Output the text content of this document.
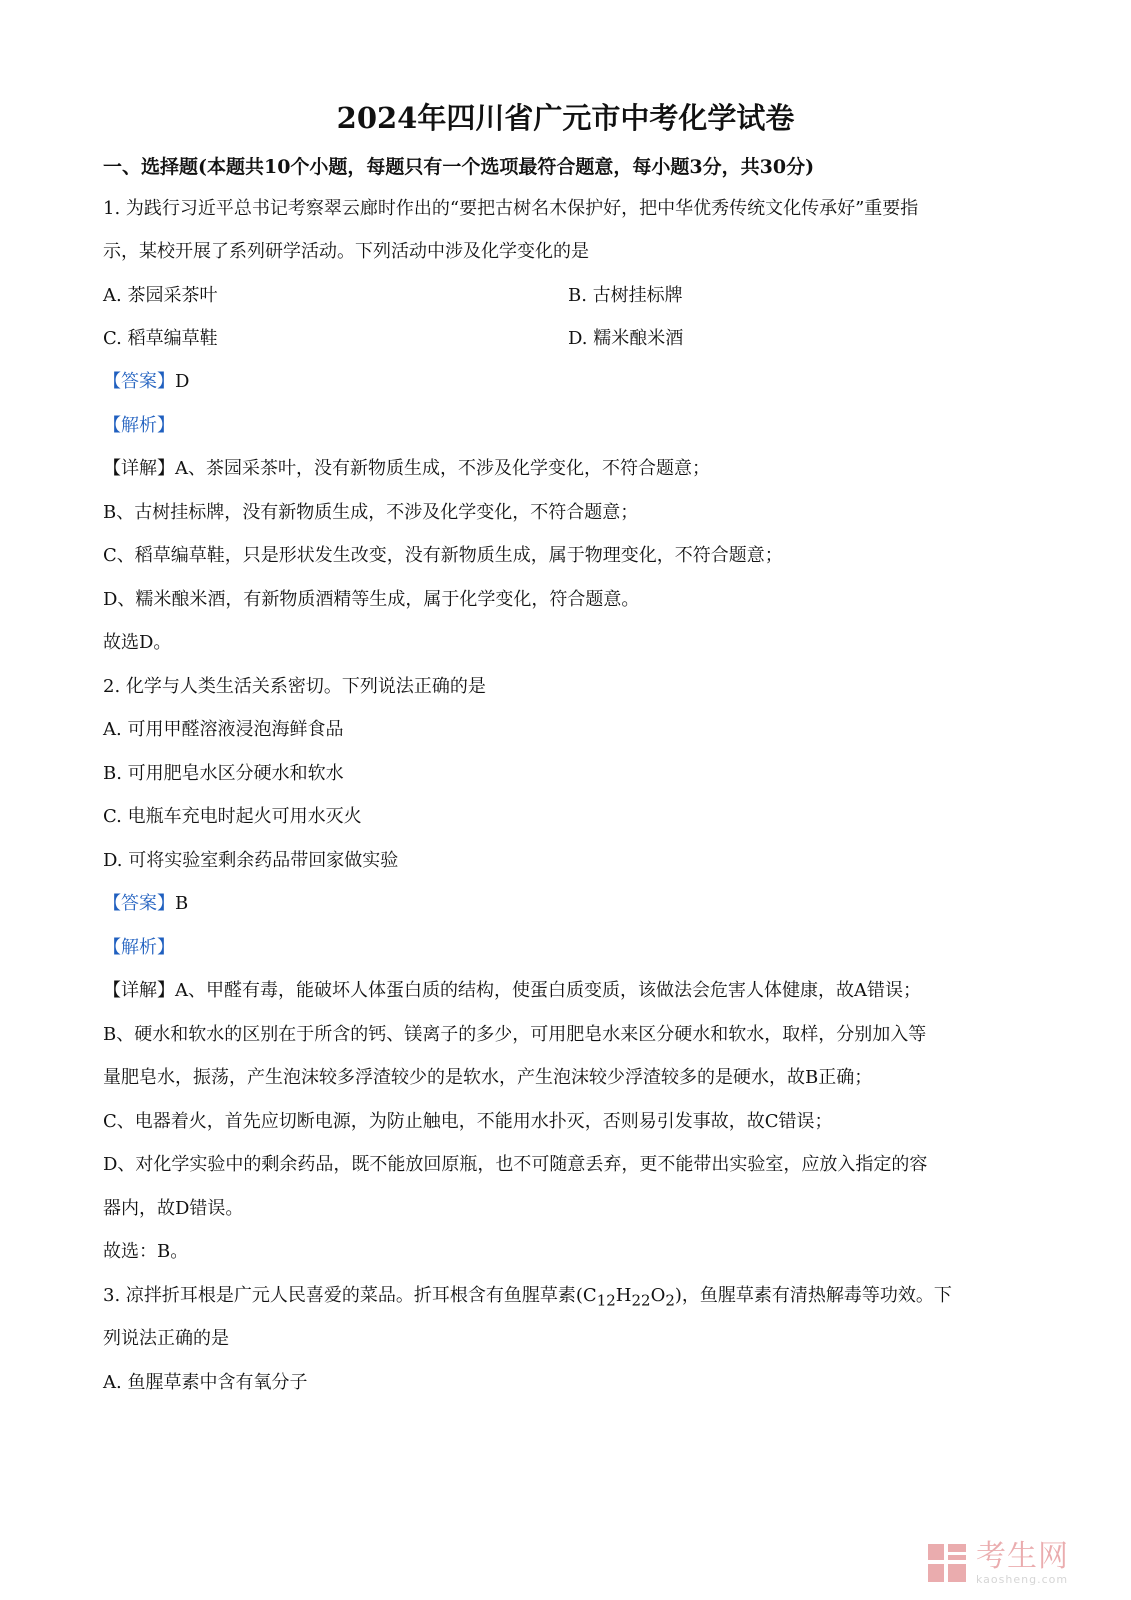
2024年四川省广元市中考化学试卷

一、选择题(本题共10个小题，每题只有一个选项最符合题意，每小题3分，共30分)

1. 为践行习近平总书记考察翠云廊时作出的“要把古树名木保护好，把中华优秀传统文化传承好”重要指

示，某校开展了系列研学活动。下列活动中涉及化学变化的是

A. 茶园采茶叶	B. 古树挂标牌

C. 稻草编草鞋	D. 糯米酿米酒

【答案】D

【解析】

【详解】A、茶园采茶叶，没有新物质生成，不涉及化学变化，不符合题意；

B、古树挂标牌，没有新物质生成，不涉及化学变化，不符合题意；

C、稻草编草鞋，只是形状发生改变，没有新物质生成，属于物理变化，不符合题意；

D、糯米酿米酒，有新物质酒精等生成，属于化学变化，符合题意。

故选D。

2. 化学与人类生活关系密切。下列说法正确的是

A. 可用甲醛溶液浸泡海鲜食品

B. 可用肥皂水区分硬水和软水

C. 电瓶车充电时起火可用水灭火

D. 可将实验室剩余药品带回家做实验

【答案】B

【解析】

【详解】A、甲醛有毒，能破坏人体蛋白质的结构，使蛋白质变质，该做法会危害人体健康，故A错误；

B、硬水和软水的区别在于所含的钙、镁离子的多少，可用肥皂水来区分硬水和软水，取样，分别加入等

量肥皂水，振荡，产生泡沫较多浮渣较少的是软水，产生泡沫较少浮渣较多的是硬水，故B正确；

C、电器着火，首先应切断电源，为防止触电，不能用水扑灭，否则易引发事故，故C错误；

D、对化学实验中的剩余药品，既不能放回原瓶，也不可随意丢弃，更不能带出实验室，应放入指定的容

器内，故D错误。

故选：B。

3. 凉拌折耳根是广元人民喜爱的菜品。折耳根含有鱼腥草素$(C_{12}H_{22}O_2)$，鱼腥草素有清热解毒等功效。下

列说法正确的是

A. 鱼腥草素中含有氧分子

考生网
kaosheng.com
